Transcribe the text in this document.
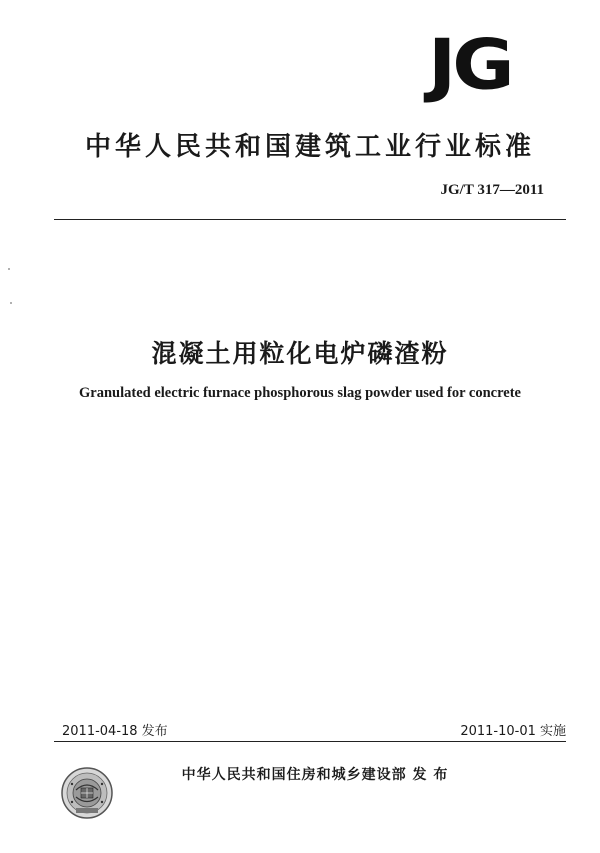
JG
中华人民共和国建筑工业行业标准
JG/T 317—2011
混凝土用粒化电炉磷渣粉
Granulated electric furnace phosphorous slag powder used for concrete
2011-04-18 发布	2011-10-01 实施
中华人民共和国住房和城乡建设部 发 布
